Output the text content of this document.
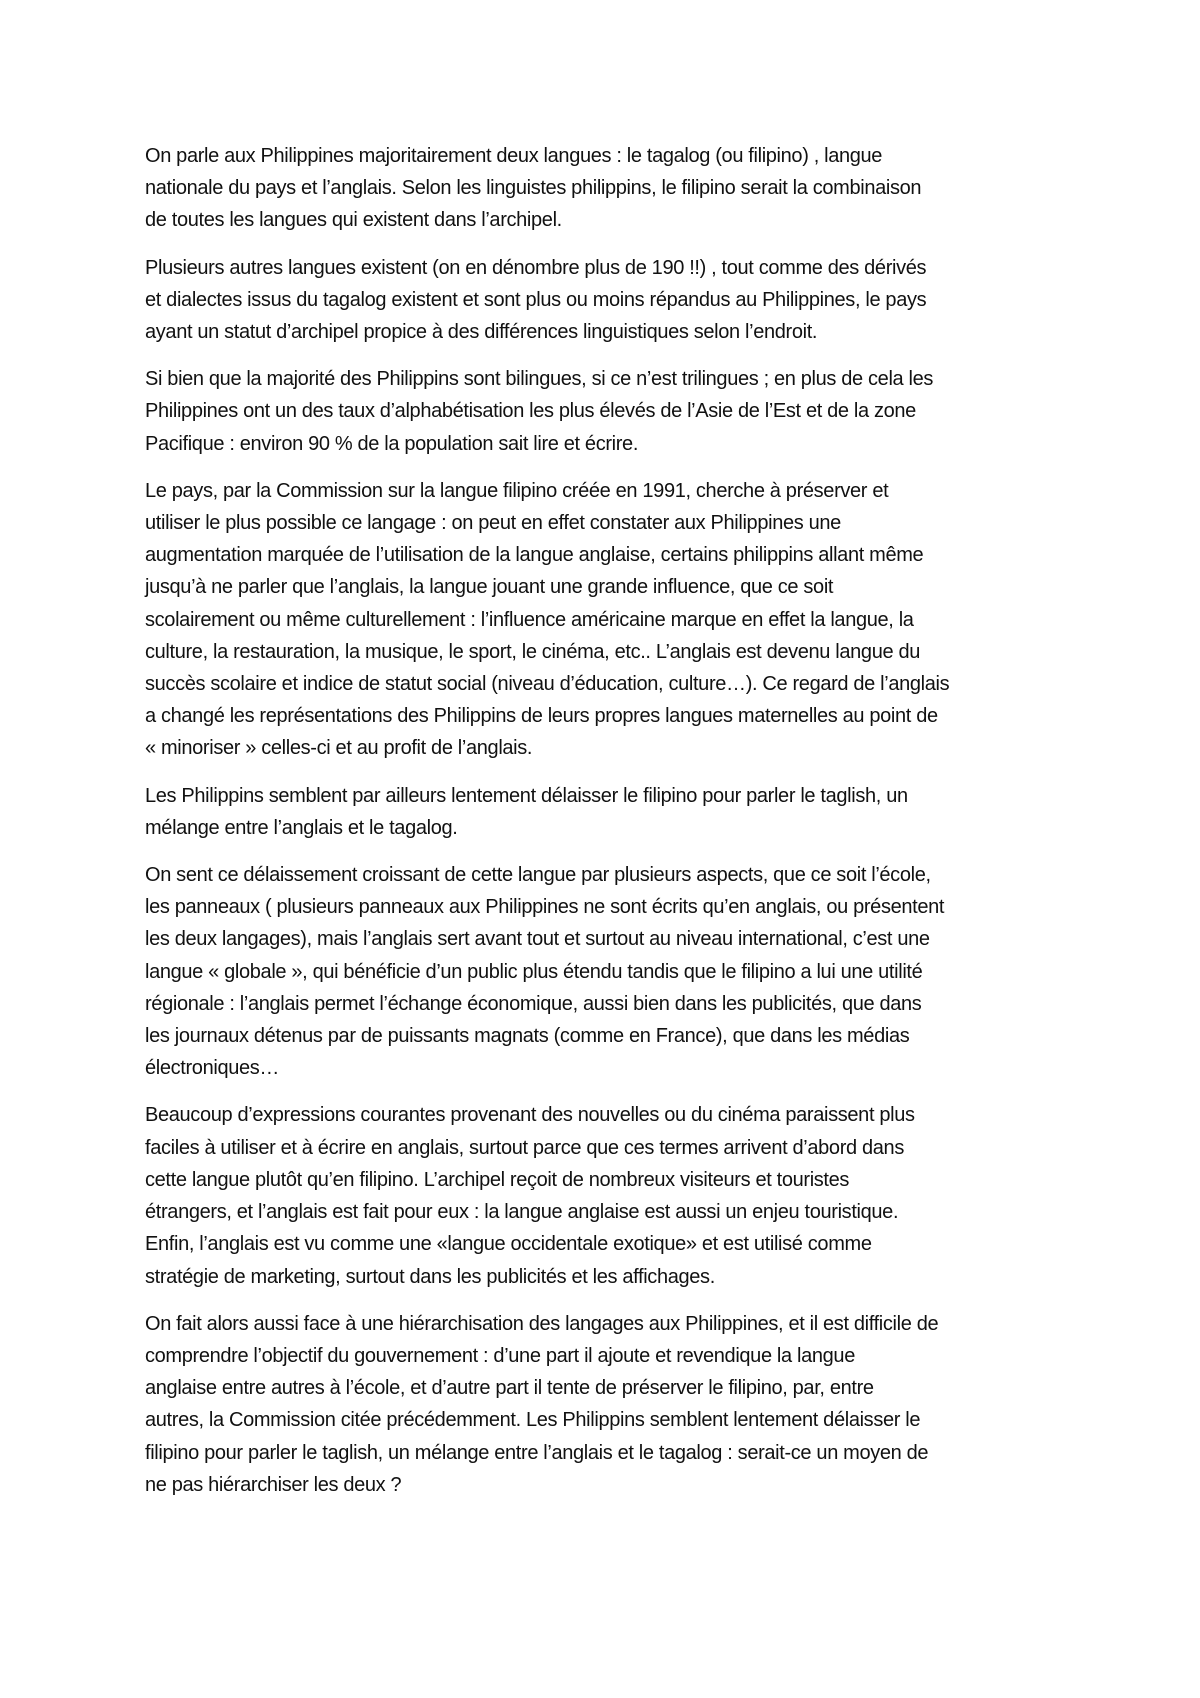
On parle aux Philippines majoritairement deux langues : le tagalog (ou filipino) , langue
nationale du pays et l’anglais. Selon les linguistes philippins, le filipino serait la combinaison
de toutes les langues qui existent dans l’archipel.

Plusieurs autres langues existent (on en dénombre plus de 190 !!) , tout comme des dérivés
et dialectes issus du tagalog existent et sont plus ou moins répandus au Philippines, le pays
ayant un statut d’archipel propice à des différences linguistiques selon l’endroit.

Si bien que la majorité des Philippins sont bilingues, si ce n’est trilingues ; en plus de cela les
Philippines ont un des taux d’alphabétisation les plus élevés de l’Asie de l’Est et de la zone
Pacifique : environ 90 % de la population sait lire et écrire.

Le pays, par la Commission sur la langue filipino créée en 1991, cherche à préserver et
utiliser le plus possible ce langage : on peut en effet constater aux Philippines une
augmentation marquée de l’utilisation de la langue anglaise, certains philippins allant même
jusqu’à ne parler que l’anglais, la langue jouant une grande influence, que ce soit
scolairement ou même culturellement : l’influence américaine marque en effet la langue, la
culture, la restauration, la musique, le sport, le cinéma, etc.. L’anglais est devenu langue du
succès scolaire et indice de statut social (niveau d’éducation, culture…). Ce regard de l’anglais
a changé les représentations des Philippins de leurs propres langues maternelles au point de
« minoriser » celles-ci et au profit de l’anglais.

Les Philippins semblent par ailleurs lentement délaisser le filipino pour parler le taglish, un
mélange entre l’anglais et le tagalog.

On sent ce délaissement croissant de cette langue par plusieurs aspects, que ce soit l’école,
les panneaux ( plusieurs panneaux aux Philippines ne sont écrits qu’en anglais, ou présentent
les deux langages), mais l’anglais sert avant tout et surtout au niveau international, c’est une
langue « globale », qui bénéficie d’un public plus étendu tandis que le filipino a lui une utilité
régionale : l’anglais permet l’échange économique, aussi bien dans les publicités, que dans
les journaux détenus par de puissants magnats (comme en France), que dans les médias
électroniques…

Beaucoup d’expressions courantes provenant des nouvelles ou du cinéma paraissent plus
faciles à utiliser et à écrire en anglais, surtout parce que ces termes arrivent d’abord dans
cette langue plutôt qu’en filipino. L’archipel reçoit de nombreux visiteurs et touristes
étrangers, et l’anglais est fait pour eux : la langue anglaise est aussi un enjeu touristique.
Enfin, l’anglais est vu comme une «langue occidentale exotique» et est utilisé comme
stratégie de marketing, surtout dans les publicités et les affichages.

On fait alors aussi face à une hiérarchisation des langages aux Philippines, et il est difficile de
comprendre l’objectif du gouvernement : d’une part il ajoute et revendique la langue
anglaise entre autres à l’école, et d’autre part il tente de préserver le filipino, par, entre
autres, la Commission citée précédemment. Les Philippins semblent lentement délaisser le
filipino pour parler le taglish, un mélange entre l’anglais et le tagalog : serait-ce un moyen de
ne pas hiérarchiser les deux ?
